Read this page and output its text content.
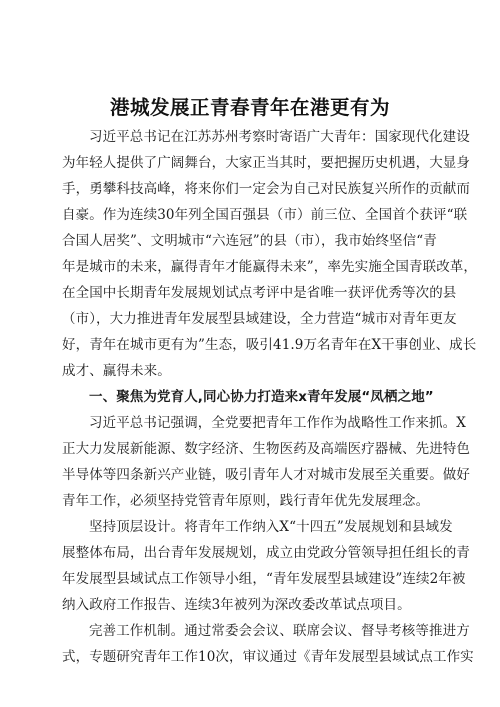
港城发展正青春青年在港更有为
习近平总书记在江苏苏州考察时寄语广大青年：国家现代化建设
为年轻人提供了广阔舞台，大家正当其时，要把握历史机遇，大显身
手，勇攀科技高峰，将来你们一定会为自己对民族复兴所作的贡献而
自豪。作为连续30年列全国百强县（市）前三位、全国首个获评“联
合国人居奖”、文明城市“六连冠”的县（市），我市始终坚信“青
年是城市的未来，赢得青年才能赢得未来”，率先实施全国青联改革，
在全国中长期青年发展规划试点考评中是省唯一获评优秀等次的县
（市），大力推进青年发展型县域建设，全力营造“城市对青年更友
好，青年在城市更有为”生态，吸引41.9万名青年在X干事创业、成长
成才、赢得未来。
一、聚焦为党育人,同心协力打造来x青年发展“凤栖之地”
习近平总书记强调，全党要把青年工作作为战略性工作来抓。X
正大力发展新能源、数字经济、生物医药及高端医疗器械、先进特色
半导体等四条新兴产业链，吸引青年人才对城市发展至关重要。做好
青年工作，必须坚持党管青年原则，践行青年优先发展理念。
坚持顶层设计。将青年工作纳入X“十四五”发展规划和县域发
展整体布局，出台青年发展规划，成立由党政分管领导担任组长的青
年发展型县域试点工作领导小组，“青年发展型县域建设”连续2年被
纳入政府工作报告、连续3年被列为深改委改革试点项目。
完善工作机制。通过常委会会议、联席会议、督导考核等推进方
式，专题研究青年工作10次，审议通过《青年发展型县域试点工作实
